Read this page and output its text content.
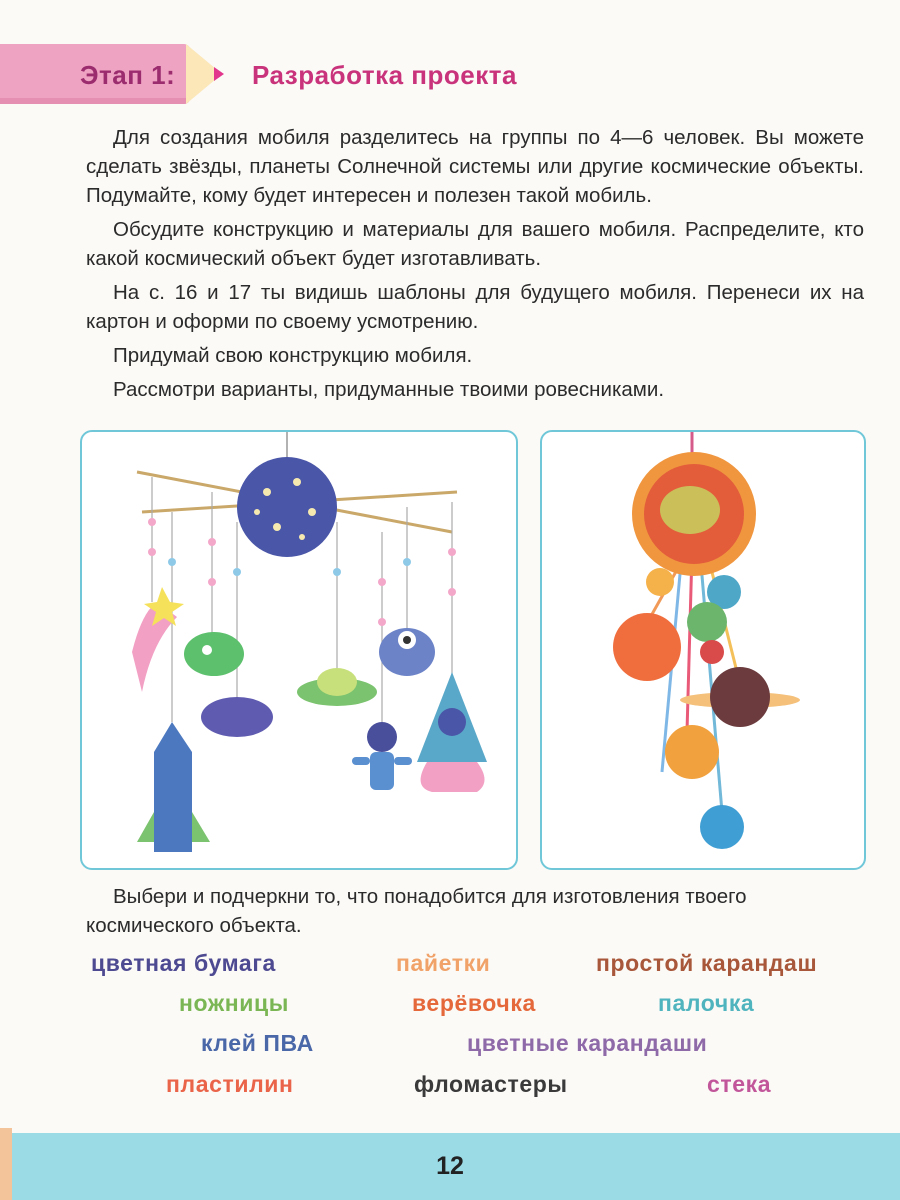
Этап 1:	Разработка проекта

Для создания мобиля разделитесь на группы по 4—6 человек. Вы можете сделать звёзды, планеты Солнечной системы или другие космические объекты. Подумайте, кому будет интересен и полезен такой мобиль.

Обсудите конструкцию и материалы для вашего мобиля. Распределите, кто какой космический объект будет изготавливать.

На с. 16 и 17 ты видишь шаблоны для будущего мобиля. Перенеси их на картон и оформи по своему усмотрению.

Придумай свою конструкцию мобиля.

Рассмотри варианты, придуманные твоими ровесниками.

Выбери и подчеркни то, что понадобится для изготовления твоего космического объекта.
цветная бумага	пайетки	простой карандаш
ножницы	верёвочка	палочка
клей ПВА	цветные карандаши
пластилин	фломастеры	стека
12
